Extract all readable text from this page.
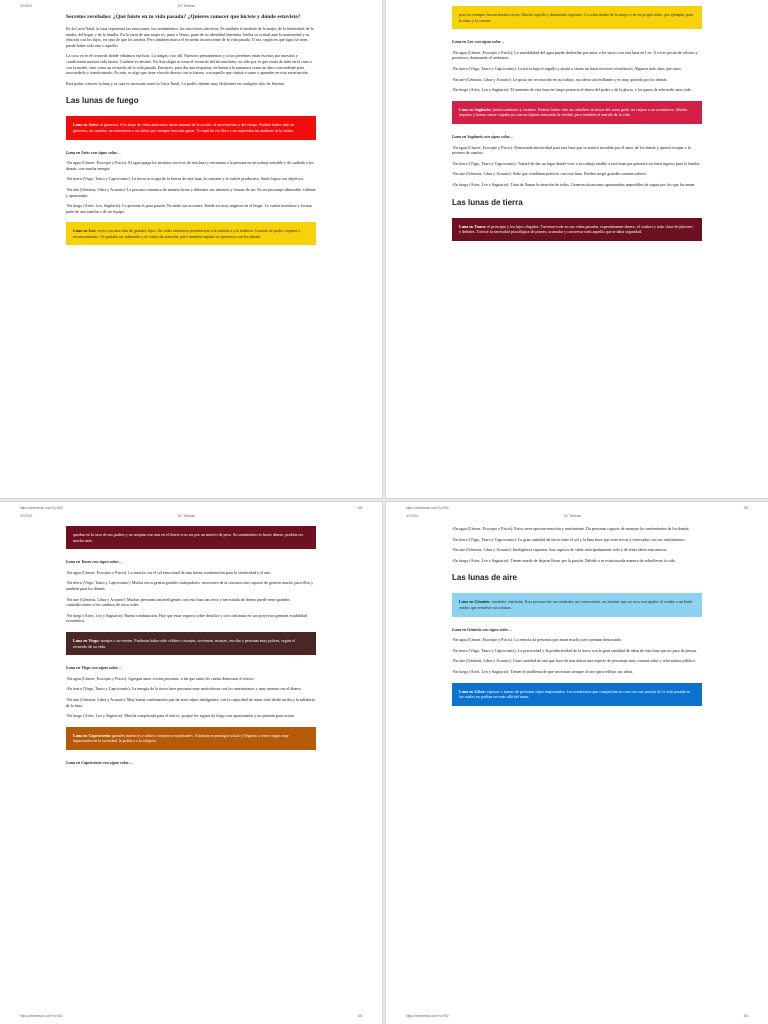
4/7/2021	DV Tenesse

Secretos revelados: ¿Qué fuiste en tu vida pasada? ¿Quieres conocer qué hiciste y dónde estuviste?

En la Carta Natal, la luna representa las emociones, los sentimientos, las reacciones afectivas. Es también el símbolo de la mujer, de la feminidad, de la madre, del hogar y de la familia. En la carta de una mujer es, junto a Venus, parte de su identidad femenina. Indica su actitud ante la maternidad y su relación con los hijos, en caso de que los tuviera. Pero también marca el recuerdo inconsciente de la vida pasada. O sea, según en qué signo la tiene, puede haber sido esto o aquello.

La cosa va en el recuerdo donde vibramos esa luna. La traigas o no allí. Nuestros pensamientos y actos presentes están escritos por nuestros y condicionan nuestra vida futura. Cuidarte es destino. En Astrología se toma el recuerdo del inconsciente, no sólo por lo que sintió de niño en la cuna o con la madre, sino como un recuerdo de la vida pasada. Entonces, para dar una respuesta, en buena a lo tomamos como un dato trascendente para trascenderlo y transformarlo. Es más, es algo que tiene vínculo directo con tu karma, con aquello que viniste a sanar y aprender en esta encarnación.

Para poder conocer tu luna y tu casa es necesario tener tu Carta Natal. Lo podés obtener muy fácilmente en cualquier sitio de Internet.

Las lunas de fuego
Luna en Aries: el guerrero. A lo largo de vidas anteriores fuiste amante de la acción, el movimiento y del riesgo. Pudiste haber sido un guerrero, un cazador, un aventurero o un atleta que siempre buscaba ganar. Tu espíritu era libre y no soportaba las ataduras ni la rutina.

Luna en Aries con signo solar…

-En agua (Cáncer, Escorpio y Piscis): El agua apaga los instintos nocivos de esta luna y encamina a la persona en un trabajo sensible y de cuidado a los demás, con mucha energía.

-En tierra (Virgo, Tauro y Capricornio): La tierra se ocupa de la fuerza de esta luna, la contiene y la vuelve productiva. Suele lograr sus objetivos.

-En aire (Géminis, Libra y Acuario): La persona comunica de manera firme y diferente sus instintos y formas de ser. Es un personaje admirable, valiente y apasionado.

-En fuego (Aries, Leo, Sagitario): La persona es pura pasión. No mide sus acciones. Puede ser muy negativa en el hogar. Le cuesta insertarse y formar parte de una familia o de un equipo.

Luna en Leo: reyes con una vida de grandes lujos. En vidas anteriores perteneciste a la realeza o a la nobleza. Gozaste de poder, riqueza y reconocimiento. Te gustaba ser admirado y el centro de atención, pero también supiste ser generoso con los demás.
pero no siempre fueron buenos reyes. Mucho orgullo y demasiado egoísmo. La reina madre de la mujer o de su propio reino, por ejemplo, para la reina y la corona.

Luna en Leo con signo solar…

-En agua (Cáncer, Escorpio y Piscis): La sensibilidad del agua puede desbordar por amor a los suyos con esta luna en Leo. A veces pecan de celosos y posesivos, dominando el ambiente.

-En tierra (Virgo, Tauro y Capricornio): La tierra baja el orgullo y ayuda a sentar un buen territorio económico. Algunos más altos que otros.

-En aire (Géminis, Libra y Acuario): Le gusta ser reconocido en su trabajo, sus ideas son brillantes y es muy querido por los demás.

-En fuego (Aries, Leo y Sagitario): El aumento de esta luna en fuego potencia el deseo del poder y de la gloria, y las ganas de sobresalir ante todo.

Luna en Sagitario: jinetes andantes y errantes. Pudiste haber sido un caballero en busca del santo grial, un viajero o un aventurero. Mucho impulso y buena suerte viajaba por tierras lejanas buscando la verdad, pero también el sentido de la vida.

Luna en Sagitario con signo solar…

-En agua (Cáncer, Escorpio y Piscis): Demasiada emotividad para esta luna que se sentirá invadida por el amor de los demás y querrá escapar a la primera de cambio.

-En tierra (Virgo, Tauro y Capricornio): Tratará de dar un lugar donde vivir a su trabajo estable a esta luna que generará un buen ingreso para la familia.

-En aire (Géminis, Libra y Acuario): Sabe que combinan perfecto con esta luna. Pueden surgir grandes comunicadores.

-En fuego (Aries, Leo y Sagitario): Trata de llamar la atención de todos. Generan situaciones apasionadas imposibles de seguir por los que los aman.

Las lunas de tierra
Luna en Tauro: el principio y los lujos elegidos. Tuvieron todo en sus vidas pasadas, especialmente dinero, el confort y todo clase de placeres y deleites. Tuviste la necesidad psicológica de poseer, acumular y conservar todo aquello que te daba seguridad.
https://dvtenesse.com/?p=952	2/8
4/7/2021	DV Tenesse
quedan en la casa de sus padres y no aceptan irse aun en el fuerte a no ser por un motivo de peso. Su sentimiento es hacer dinero, podrías ser mucho más.

Luna en Tauro con signo solar…

-En agua (Cáncer, Escorpio y Piscis): La mezcla con el sol emocional de una buena combinación para la creatividad y el arte.

-En tierra (Virgo, Tauro y Capricornio): Mucha tierra genera grandes trabajadores, inversores de la construcción capaces de generar mucho para ellos y también para los demás.

-En aire (Géminis, Libra y Acuario): Muchas personas tan inteligentes con esta luna tan terca y necesitada de dinero puede tener grandes contradicciones a los cambios de estos soles.

-En fuego (Aries, Leo y Sagitario): Buena combinación. Hay que estar seguros sobre desafíos y con confianza en sus proyectos generan estabilidad económica.

Luna en Virgo: monjes o sirvientes. Pudieron haber sido célibes o monjes, sirvientes, monjes, escriba o personas muy pobres, según el recuerdo de su vida.

Luna en Virgo con signo solar…

-En agua (Cáncer, Escorpio y Piscis): Agregan amor a estas personas, a las que tanto les cuesta demostrar el afecto.

-En tierra (Virgo, Tauro y Capricornio): La energía de la tierra hace personas muy meticulosas con los sentimientos y muy atentas con el dinero.

-En aire (Géminis, Libra y Acuario): Muy buena combinación que da seres súper inteligentes, con la capacidad de mirar todo desde arriba y la sabiduría de la luna.

-En fuego (Aries, Leo y Sagitario): Mezcla complicada para el nativo, porque los signos de fuego son apasionados y no piensan para actuar.

Luna en Capricornio: grandes maestros y sabios consejeros espirituales. Alcanzaron prestigio social y llegaron a tener cargos muy importantes en la sociedad, la política o la religión.

Luna en Capricornio con signo solar…

https://dvtenesse.com/?p=952	3/8
https://dvtenesse.com/?p=952	2/8
4/7/2021	DV Tenesse

-En agua (Cáncer, Escorpio y Piscis): Estos seres aportan emoción y sentimiento. Da personas capaces de manejar los sentimientos de los demás.

-En tierra (Virgo, Tauro y Capricornio): La gran cantidad de tierra entre el sol y la luna hace que sean tercas y reservadas con sus sentimientos.

-En aire (Géminis, Libra y Acuario): Inteligencia suprema. Son capaces de saber anticipadamente todo y de tener ideas más nuevas.

-En fuego (Aries, Leo y Sagitario): Tienen miedo de dejarse llevar por la pasión. Debido a su estructurada manera de sobrellevar la vida.

Las lunas de aire
Luna en Géminis: vendedor charlatán. Esta persona fue un vendedor, un comerciante, un feriante que no tuvo escrúpulos al vender o un lindo orador que resuelve sus cuentas.

Luna en Géminis con signo solar…

-En agua (Cáncer, Escorpio y Piscis): La mezcla da personas que aman mucho pero piensan demasiado.

-En tierra (Virgo, Tauro y Capricornio): La practicidad y la productividad de la tierra con la gran cantidad de ideas de esta luna que no para de pensar.

-En aire (Géminis, Libra y Acuario): Gran cantidad de aire que hace de una nativa una especie de personaje muy comunicador y relacionista público.

-En fuego (Aries, Leo y Sagitario): Tienen el problema de que necesitan siempre al otro para reflejar sus ideas.

Luna en Libra: esposos o musas de personas súper importantes. Las nombraron que compartían su casa con sus parejas de la vida pasada en las cuales no podían ver más allá del amor.
https://dvtenesse.com/?p=952	4/8
